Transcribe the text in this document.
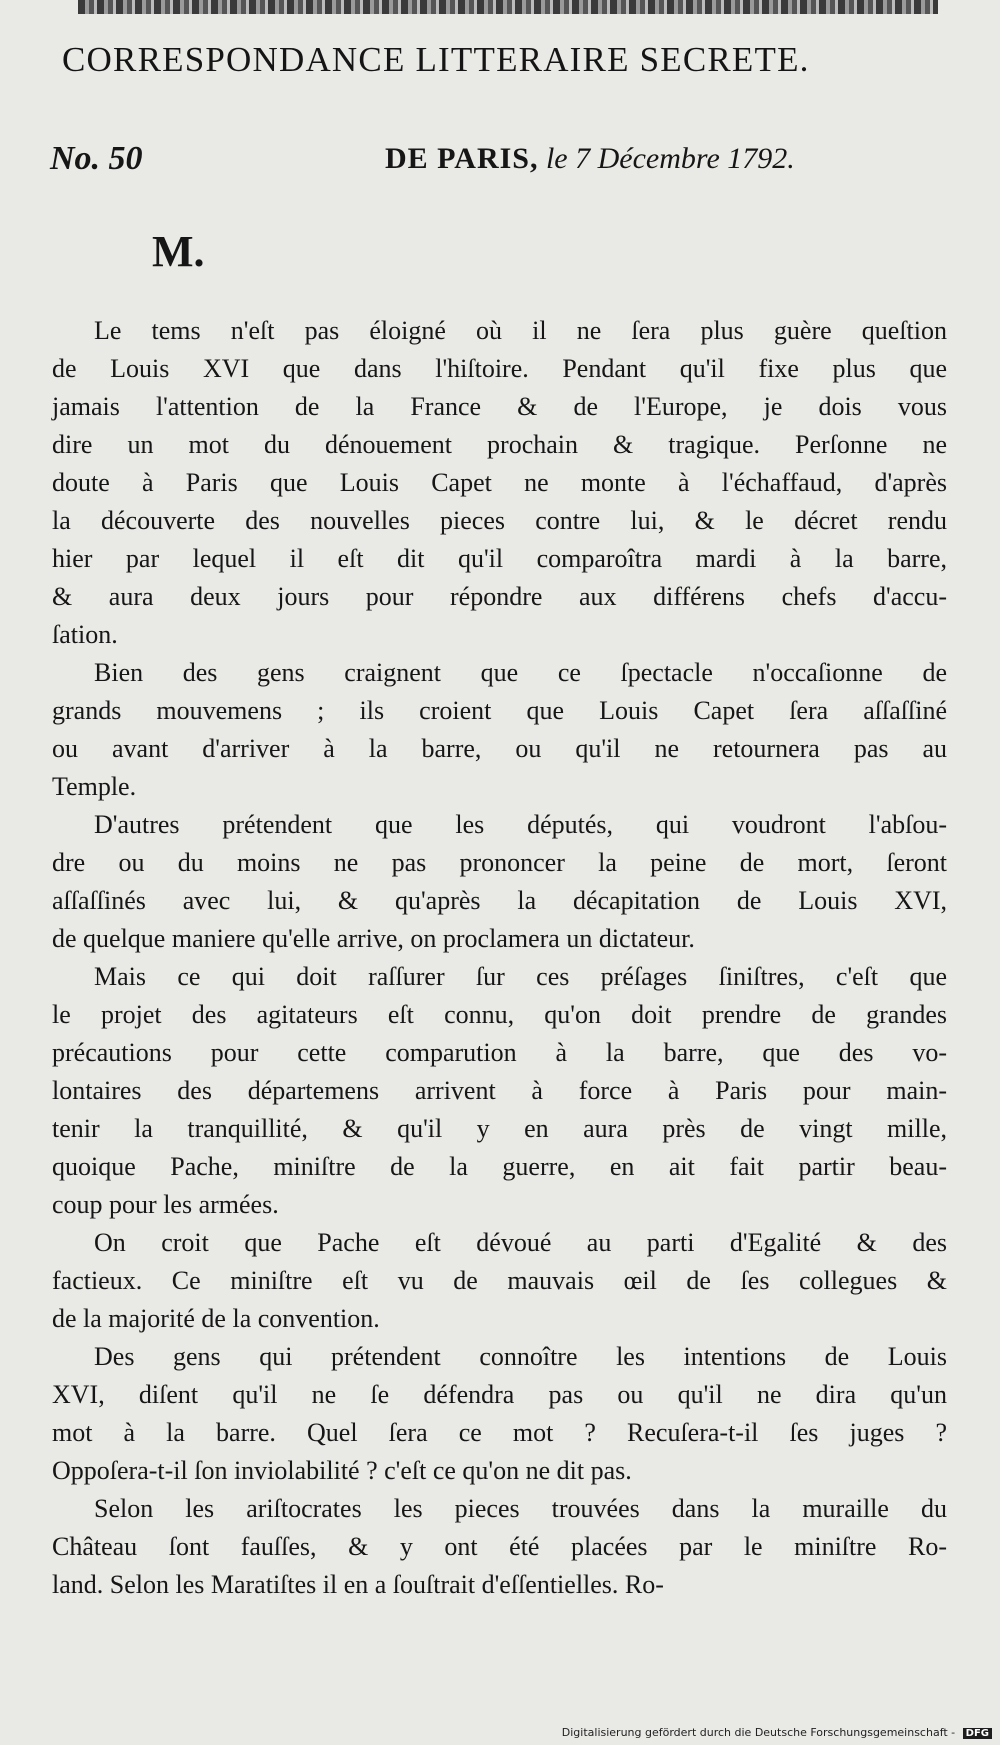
CORRESPONDANCE LITTERAIRE SECRETE.
No. 50	DE PARIS, le 7 Décembre 1792.
M.
Le tems n'eſt pas éloigné où il ne ſera plus guère queſtion
de Louis XVI que dans l'hiſtoire. Pendant qu'il fixe plus que
jamais l'attention de la France & de l'Europe, je dois vous
dire un mot du dénouement prochain & tragique. Perſonne ne
doute à Paris que Louis Capet ne monte à l'échaffaud, d'après
la découverte des nouvelles pieces contre lui, & le décret rendu
hier par lequel il eſt dit qu'il comparoîtra mardi à la barre,
& aura deux jours pour répondre aux différens chefs d'accu-
ſation.
Bien des gens craignent que ce ſpectacle n'occaſionne de
grands mouvemens ; ils croient que Louis Capet ſera aſſaſſiné
ou avant d'arriver à la barre, ou qu'il ne retournera pas au
Temple.
D'autres prétendent que les députés, qui voudront l'abſou-
dre ou du moins ne pas prononcer la peine de mort, ſeront
aſſaſſinés avec lui, & qu'après la décapitation de Louis XVI,
de quelque maniere qu'elle arrive, on proclamera un dictateur.
Mais ce qui doit raſſurer ſur ces préſages ſiniſtres, c'eſt que
le projet des agitateurs eſt connu, qu'on doit prendre de grandes
précautions pour cette comparution à la barre, que des vo-
lontaires des départemens arrivent à force à Paris pour main-
tenir la tranquillité, & qu'il y en aura près de vingt mille,
quoique Pache, miniſtre de la guerre, en ait fait partir beau-
coup pour les armées.
On croit que Pache eſt dévoué au parti d'Egalité & des
factieux. Ce miniſtre eſt vu de mauvais œil de ſes collegues &
de la majorité de la convention.
Des gens qui prétendent connoître les intentions de Louis
XVI, diſent qu'il ne ſe défendra pas ou qu'il ne dira qu'un
mot à la barre. Quel ſera ce mot ? Recuſera-t-il ſes juges ?
Oppoſera-t-il ſon inviolabilité ? c'eſt ce qu'on ne dit pas.
Selon les ariſtocrates les pieces trouvées dans la muraille du
Château ſont fauſſes, & y ont été placées par le miniſtre Ro-
land. Selon les Maratiſtes il en a ſouſtrait d'eſſentielles. Ro-
Digitalisierung gefördert durch die Deutsche Forschungsgemeinschaft - DFG
